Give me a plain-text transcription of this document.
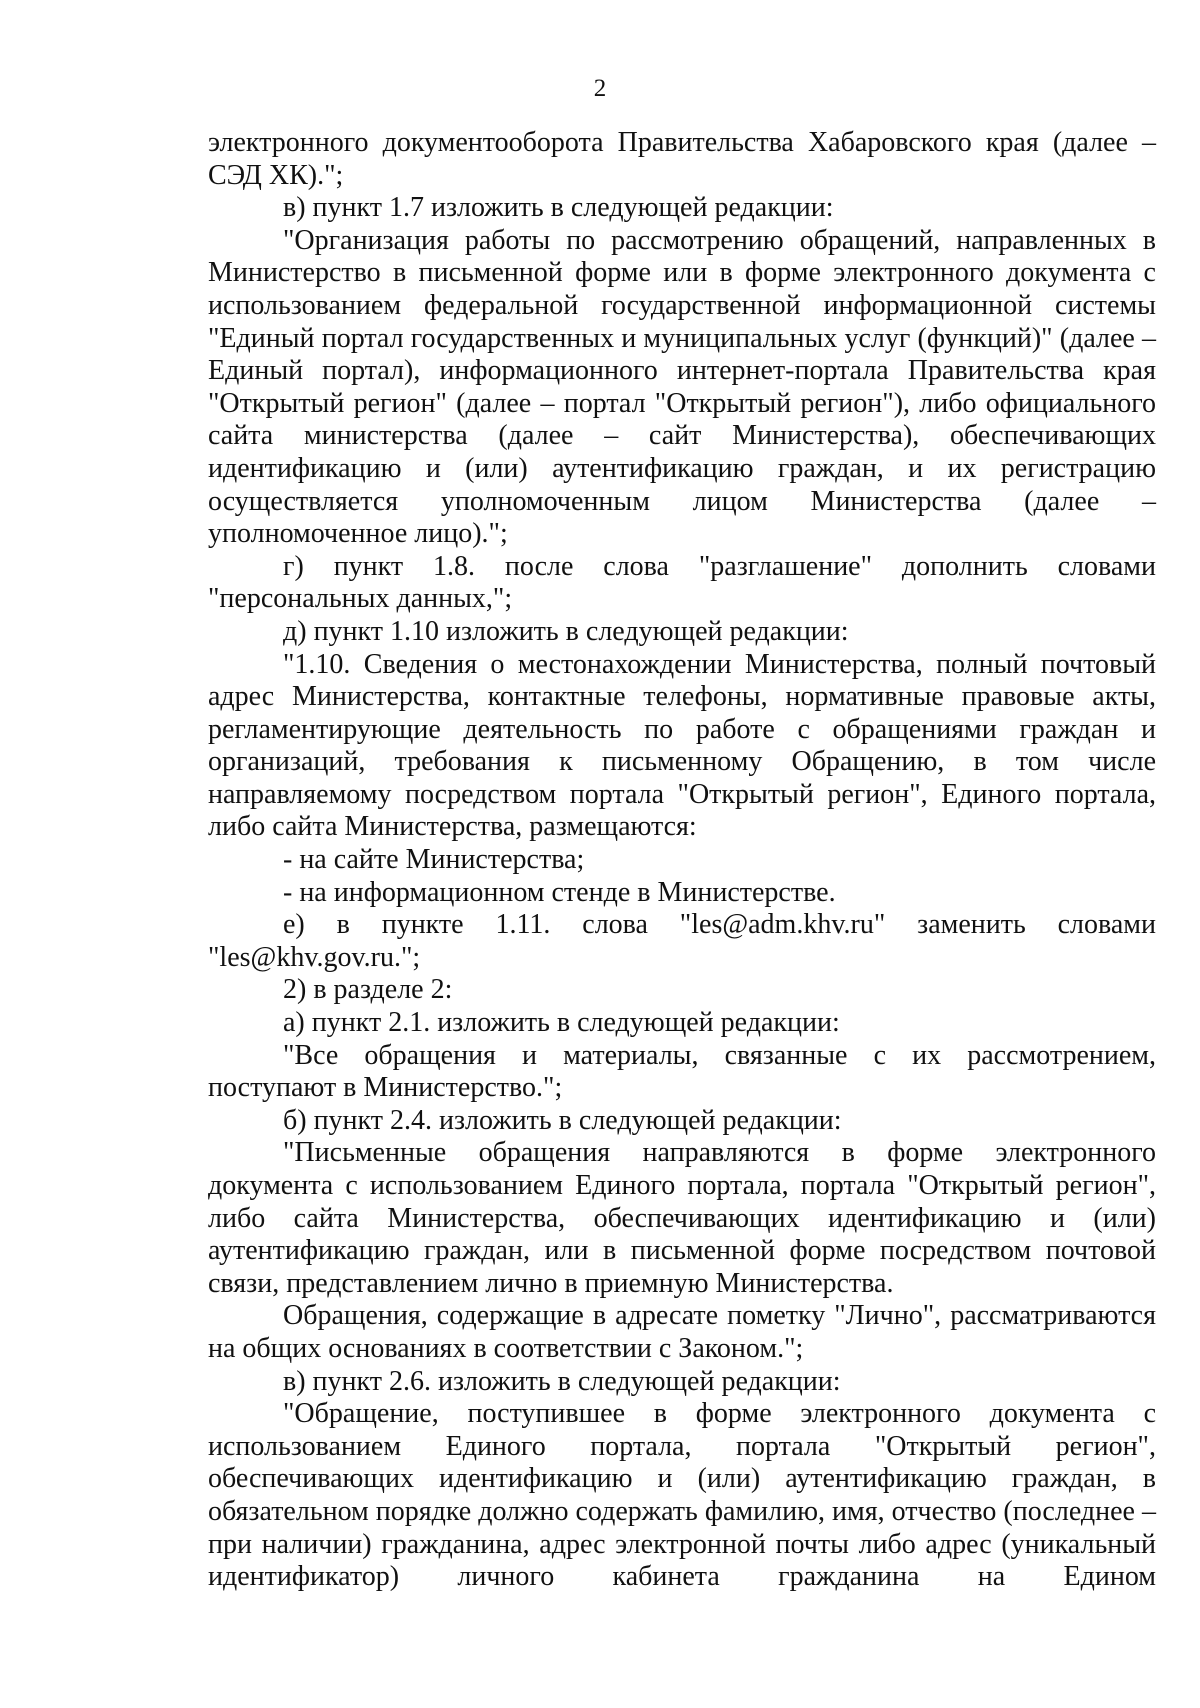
2

электронного документооборота Правительства Хабаровского края (далее – СЭД ХК).";

в) пункт 1.7 изложить в следующей редакции:

"Организация работы по рассмотрению обращений, направленных в Министерство в письменной форме или в форме электронного документа с использованием федеральной государственной информационной системы "Единый портал государственных и муниципальных услуг (функций)" (далее – Единый портал), информационного интернет-портала Правительства края "Открытый регион" (далее – портал "Открытый регион"), либо официального сайта министерства (далее – сайт Министерства), обеспечивающих идентификацию и (или) аутентификацию граждан, и их регистрацию осуществляется уполномоченным лицом Министерства (далее – уполномоченное лицо).";

г) пункт 1.8. после слова "разглашение" дополнить словами "персональных данных,";

д) пункт 1.10 изложить в следующей редакции:

"1.10. Сведения о местонахождении Министерства, полный почтовый адрес Министерства, контактные телефоны, нормативные правовые акты, регламентирующие деятельность по работе с обращениями граждан и организаций, требования к письменному Обращению, в том числе направляемому посредством портала "Открытый регион", Единого портала, либо сайта Министерства, размещаются:

- на сайте Министерства;

- на информационном стенде в Министерстве.

е) в пункте 1.11. слова "les@adm.khv.ru" заменить словами "les@khv.gov.ru.";

2) в разделе 2:

а) пункт 2.1. изложить в следующей редакции:

"Все обращения и материалы, связанные с их рассмотрением, поступают в Министерство.";

б) пункт 2.4. изложить в следующей редакции:

"Письменные обращения направляются в форме электронного документа с использованием Единого портала, портала "Открытый регион", либо сайта Министерства, обеспечивающих идентификацию и (или) аутентификацию граждан, или в письменной форме посредством почтовой связи, представлением лично в приемную Министерства.

Обращения, содержащие в адресате пометку "Лично", рассматриваются на общих основаниях в соответствии с Законом.";

в) пункт 2.6. изложить в следующей редакции:

"Обращение, поступившее в форме электронного документа с использованием Единого портала, портала "Открытый регион", обеспечивающих идентификацию и (или) аутентификацию граждан, в обязательном порядке должно содержать фамилию, имя, отчество (последнее – при наличии) гражданина, адрес электронной почты либо адрес (уникальный идентификатор) личного кабинета гражданина на Едином
